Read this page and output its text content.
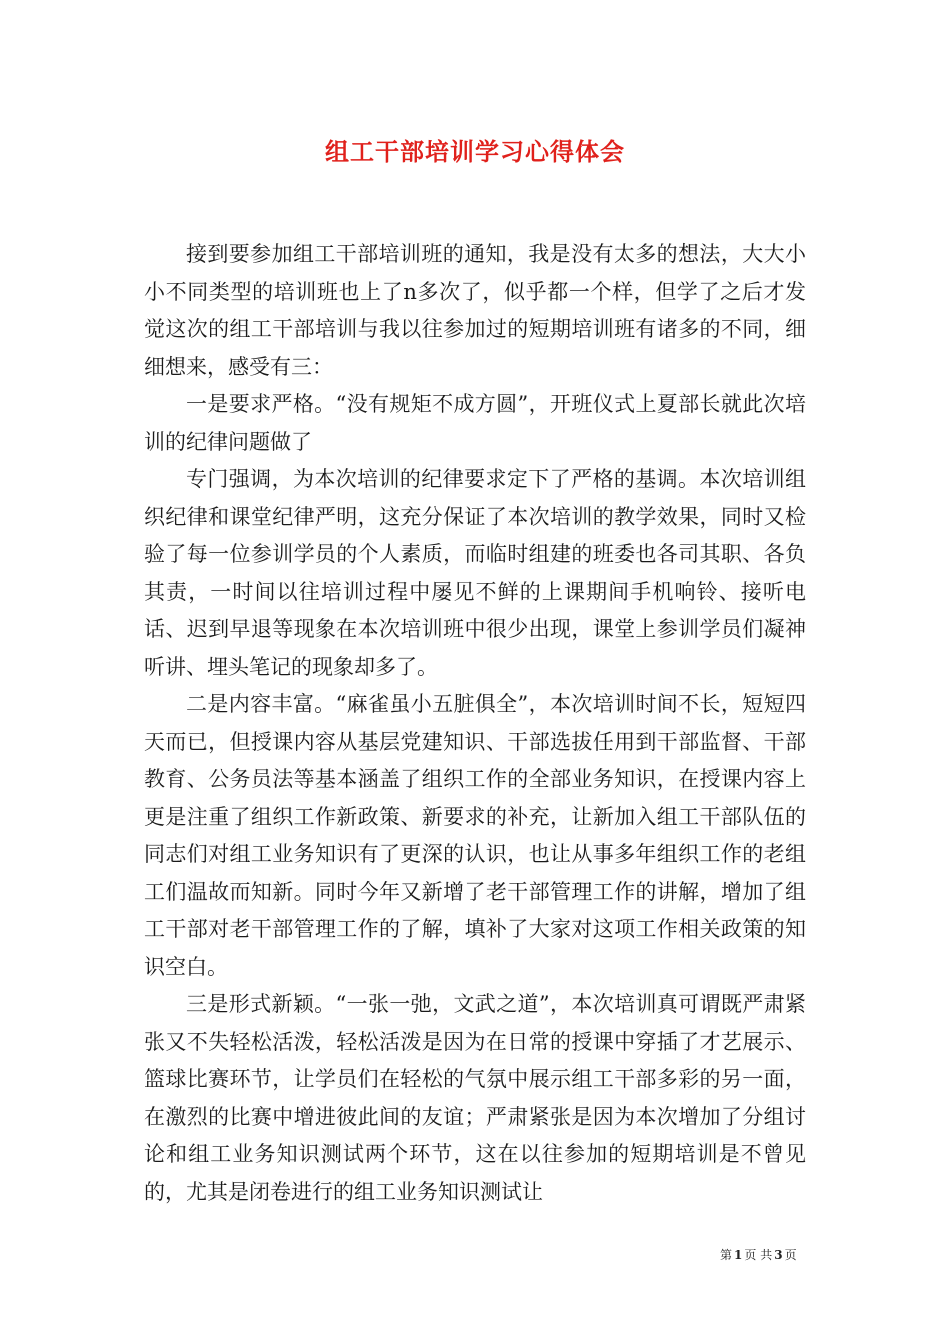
组工干部培训学习心得体会

接到要参加组工干部培训班的通知，我是没有太多的想法，大大小小不同类型的培训班也上了n多次了，似乎都一个样，但学了之后才发觉这次的组工干部培训与我以往参加过的短期培训班有诸多的不同，细细想来，感受有三：

一是要求严格。“没有规矩不成方圆”，开班仪式上夏部长就此次培训的纪律问题做了

专门强调，为本次培训的纪律要求定下了严格的基调。本次培训组织纪律和课堂纪律严明，这充分保证了本次培训的教学效果，同时又检验了每一位参训学员的个人素质，而临时组建的班委也各司其职、各负其责，一时间以往培训过程中屡见不鲜的上课期间手机响铃、接听电话、迟到早退等现象在本次培训班中很少出现，课堂上参训学员们凝神听讲、埋头笔记的现象却多了。

二是内容丰富。“麻雀虽小五脏俱全”，本次培训时间不长，短短四天而已，但授课内容从基层党建知识、干部选拔任用到干部监督、干部教育、公务员法等基本涵盖了组织工作的全部业务知识，在授课内容上更是注重了组织工作新政策、新要求的补充，让新加入组工干部队伍的同志们对组工业务知识有了更深的认识，也让从事多年组织工作的老组工们温故而知新。同时今年又新增了老干部管理工作的讲解，增加了组工干部对老干部管理工作的了解，填补了大家对这项工作相关政策的知识空白。

三是形式新颖。“一张一弛，文武之道”，本次培训真可谓既严肃紧张又不失轻松活泼，轻松活泼是因为在日常的授课中穿插了才艺展示、篮球比赛环节，让学员们在轻松的气氛中展示组工干部多彩的另一面，在激烈的比赛中增进彼此间的友谊；严肃紧张是因为本次增加了分组讨论和组工业务知识测试两个环节，这在以往参加的短期培训是不曾见的，尤其是闭卷进行的组工业务知识测试让

第 1 页 共 3 页
